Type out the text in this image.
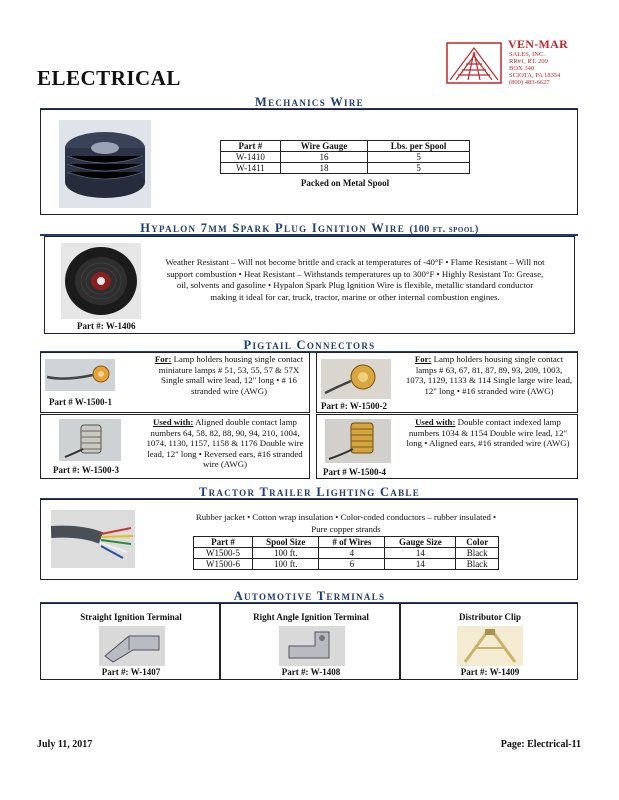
ELECTRICAL
VEN-MAR
SALES, INC.
RR#1, RT. 209
BOX 340
SCIOTA, PA 18354
(800) 483-6627
Mechanics Wire
Part #	Wire Gauge	Lbs. per Spool
W-1410	16	5
W-1411	18	5
Packed on Metal Spool
Hypalon 7mm Spark Plug Ignition Wire (100 ft. spool)
Weather Resistant – Will not become brittle and crack at temperatures of -40°F • Flame Resistant – Will not support combustion • Heat Resistant – Withstands temperatures up to 300°F • Highly Resistant To: Grease, oil, solvents and gasoline • Hypalon Spark Plug Ignition Wire is flexible, metallic standard conductor making it ideal for car, truck, tractor, marine or other internal combustion engines.
Part #: W-1406
Pigtail Connectors
Part # W-1500-1
For: Lamp holders housing single contact miniature lamps # 51, 53, 55, 57 & 57X Single small wire lead, 12" long • # 16 stranded wire (AWG)
Part #: W-1500-2
For: Lamp holders housing single contact lamps # 63, 67, 81, 87, 89, 93, 209, 1003, 1073, 1129, 1133 & 114 Single large wire lead, 12" long • #16 stranded wire (AWG)
Part #: W-1500-3
Used with: Aligned double contact lamp numbers 64, 58, 82, 88, 90, 94, 210, 1004, 1074, 1130, 1157, 1158 & 1176 Double wire lead, 12" long • Reversed ears, #16 stranded wire (AWG)
Part # W-1500-4
Used with: Double contact indexed lamp numbers 1034 & 1154 Double wire lead, 12" long • Aligned ears, #16 stranded wire (AWG)
Tractor Trailer Lighting Cable
Rubber jacket • Cotton wrap insulation • Color-coded conductors – rubber insulated • Pure copper strands
Part #	Spool Size	# of Wires	Gauge Size	Color
W1500-5	100 ft.	4	14	Black
W1500-6	100 ft.	6	14	Black
Automotive Terminals
Straight Ignition Terminal
Part #: W-1407
Right Angle Ignition Terminal
Part #: W-1408
Distributor Clip
Part #: W-1409
July 11, 2017	Page: Electrical-11
